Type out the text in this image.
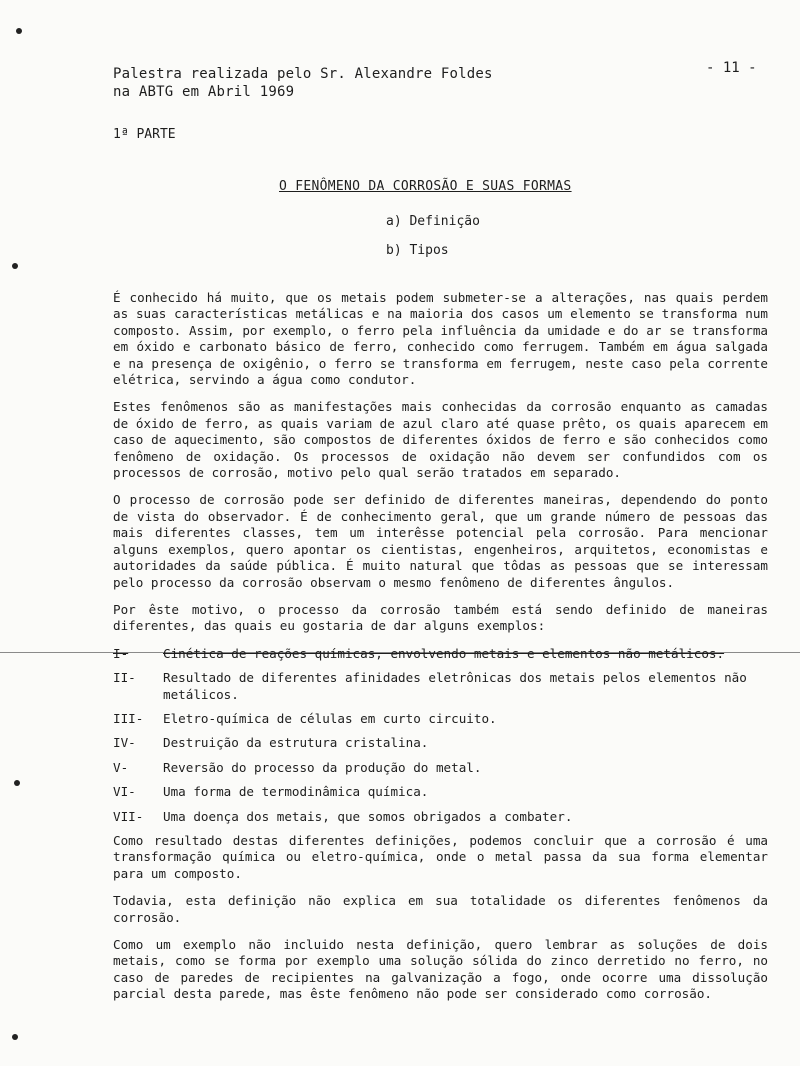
Palestra realizada pelo Sr. Alexandre Foldes
na ABTG em Abril 1969
- 11 -
1ª PARTE
O FENÔMENO DA CORROSÃO E SUAS FORMAS
a) Definição
b) Tipos

É conhecido há muito, que os metais podem submeter-se a alterações, nas quais perdem as suas características metálicas e na maioria dos casos um elemento se transforma num composto. Assim, por exemplo, o ferro pela influência da umidade e do ar se transforma em óxido e carbonato básico de ferro, conhecido como ferrugem. Também em água salgada e na presença de oxigênio, o ferro se transforma em ferrugem, neste caso pela corrente elétrica, servindo a água como condutor.

Estes fenômenos são as manifestações mais conhecidas da corrosão enquanto as camadas de óxido de ferro, as quais variam de azul claro até quase prêto, os quais aparecem em caso de aquecimento, são compostos de diferentes óxidos de ferro e são conhecidos como fenômeno de oxidação. Os processos de oxidação não devem ser confundidos com os processos de corrosão, motivo pelo qual serão tratados em separado.

O processo de corrosão pode ser definido de diferentes maneiras, dependendo do ponto de vista do observador. É de conhecimento geral, que um grande número de pessoas das mais diferentes classes, tem um interêsse potencial pela corrosão. Para mencionar alguns exemplos, quero apontar os cientistas, engenheiros, arquitetos, economistas e autoridades da saúde pública. É muito natural que tôdas as pessoas que se interessam pelo processo da corrosão observam o mesmo fenômeno de diferentes ângulos.

Por êste motivo, o processo da corrosão também está sendo definido de maneiras diferentes, das quais eu gostaria de dar alguns exemplos:

I-	Cinética de reações químicas, envolvendo metais e elementos não metálicos.
II-	Resultado de diferentes afinidades eletrônicas dos metais pelos elementos não metálicos.
III-	Eletro-química de células em curto circuito.
IV-	Destruição da estrutura cristalina.
V-	Reversão do processo da produção do metal.
VI-	Uma forma de termodinâmica química.
VII-	Uma doença dos metais, que somos obrigados a combater.

Como resultado destas diferentes definições, podemos concluir que a corrosão é uma transformação química ou eletro-química, onde o metal passa da sua forma elementar para um composto.

Todavia, esta definição não explica em sua totalidade os diferentes fenômenos da corrosão.

Como um exemplo não incluido nesta definição, quero lembrar as soluções de dois metais, como se forma por exemplo uma solução sólida do zinco derretido no ferro, no caso de paredes de recipientes na galvanização a fogo, onde ocorre uma dissolução parcial desta parede, mas êste fenômeno não pode ser considerado como corrosão.
